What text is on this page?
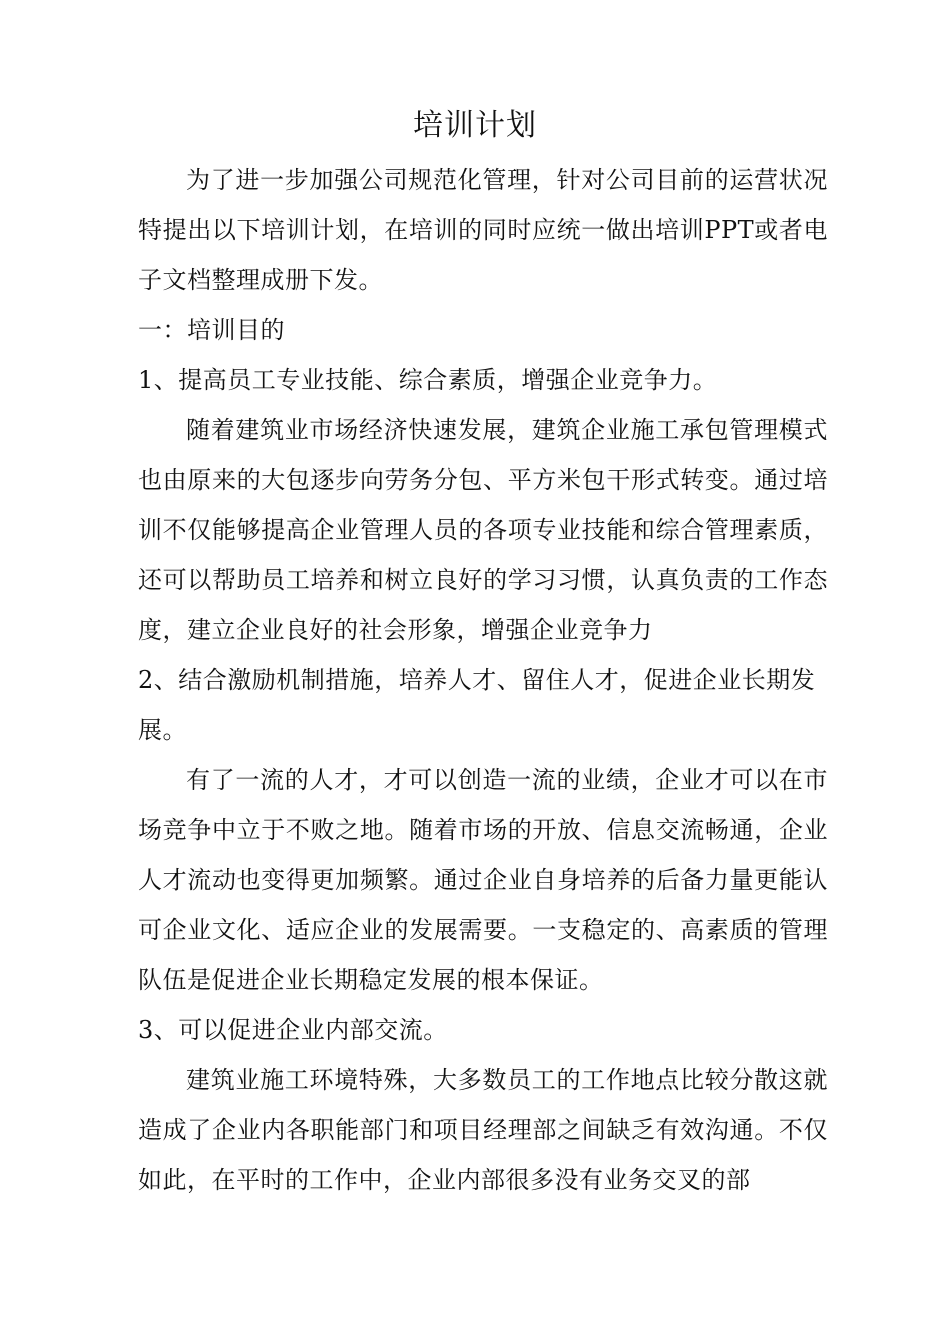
培训计划

为了进一步加强公司规范化管理，针对公司目前的运营状况特提出以下培训计划，在培训的同时应统一做出培训PPT或者电子文档整理成册下发。

一：培训目的

1、提高员工专业技能、综合素质，增强企业竞争力。

随着建筑业市场经济快速发展，建筑企业施工承包管理模式也由原来的大包逐步向劳务分包、平方米包干形式转变。通过培训不仅能够提高企业管理人员的各项专业技能和综合管理素质，还可以帮助员工培养和树立良好的学习习惯，认真负责的工作态度，建立企业良好的社会形象，增强企业竞争力

2、结合激励机制措施，培养人才、留住人才，促进企业长期发展。

有了一流的人才，才可以创造一流的业绩，企业才可以在市场竞争中立于不败之地。随着市场的开放、信息交流畅通，企业人才流动也变得更加频繁。通过企业自身培养的后备力量更能认可企业文化、适应企业的发展需要。一支稳定的、高素质的管理队伍是促进企业长期稳定发展的根本保证。

3、可以促进企业内部交流。

建筑业施工环境特殊，大多数员工的工作地点比较分散这就造成了企业内各职能部门和项目经理部之间缺乏有效沟通。不仅如此，在平时的工作中，企业内部很多没有业务交叉的部
